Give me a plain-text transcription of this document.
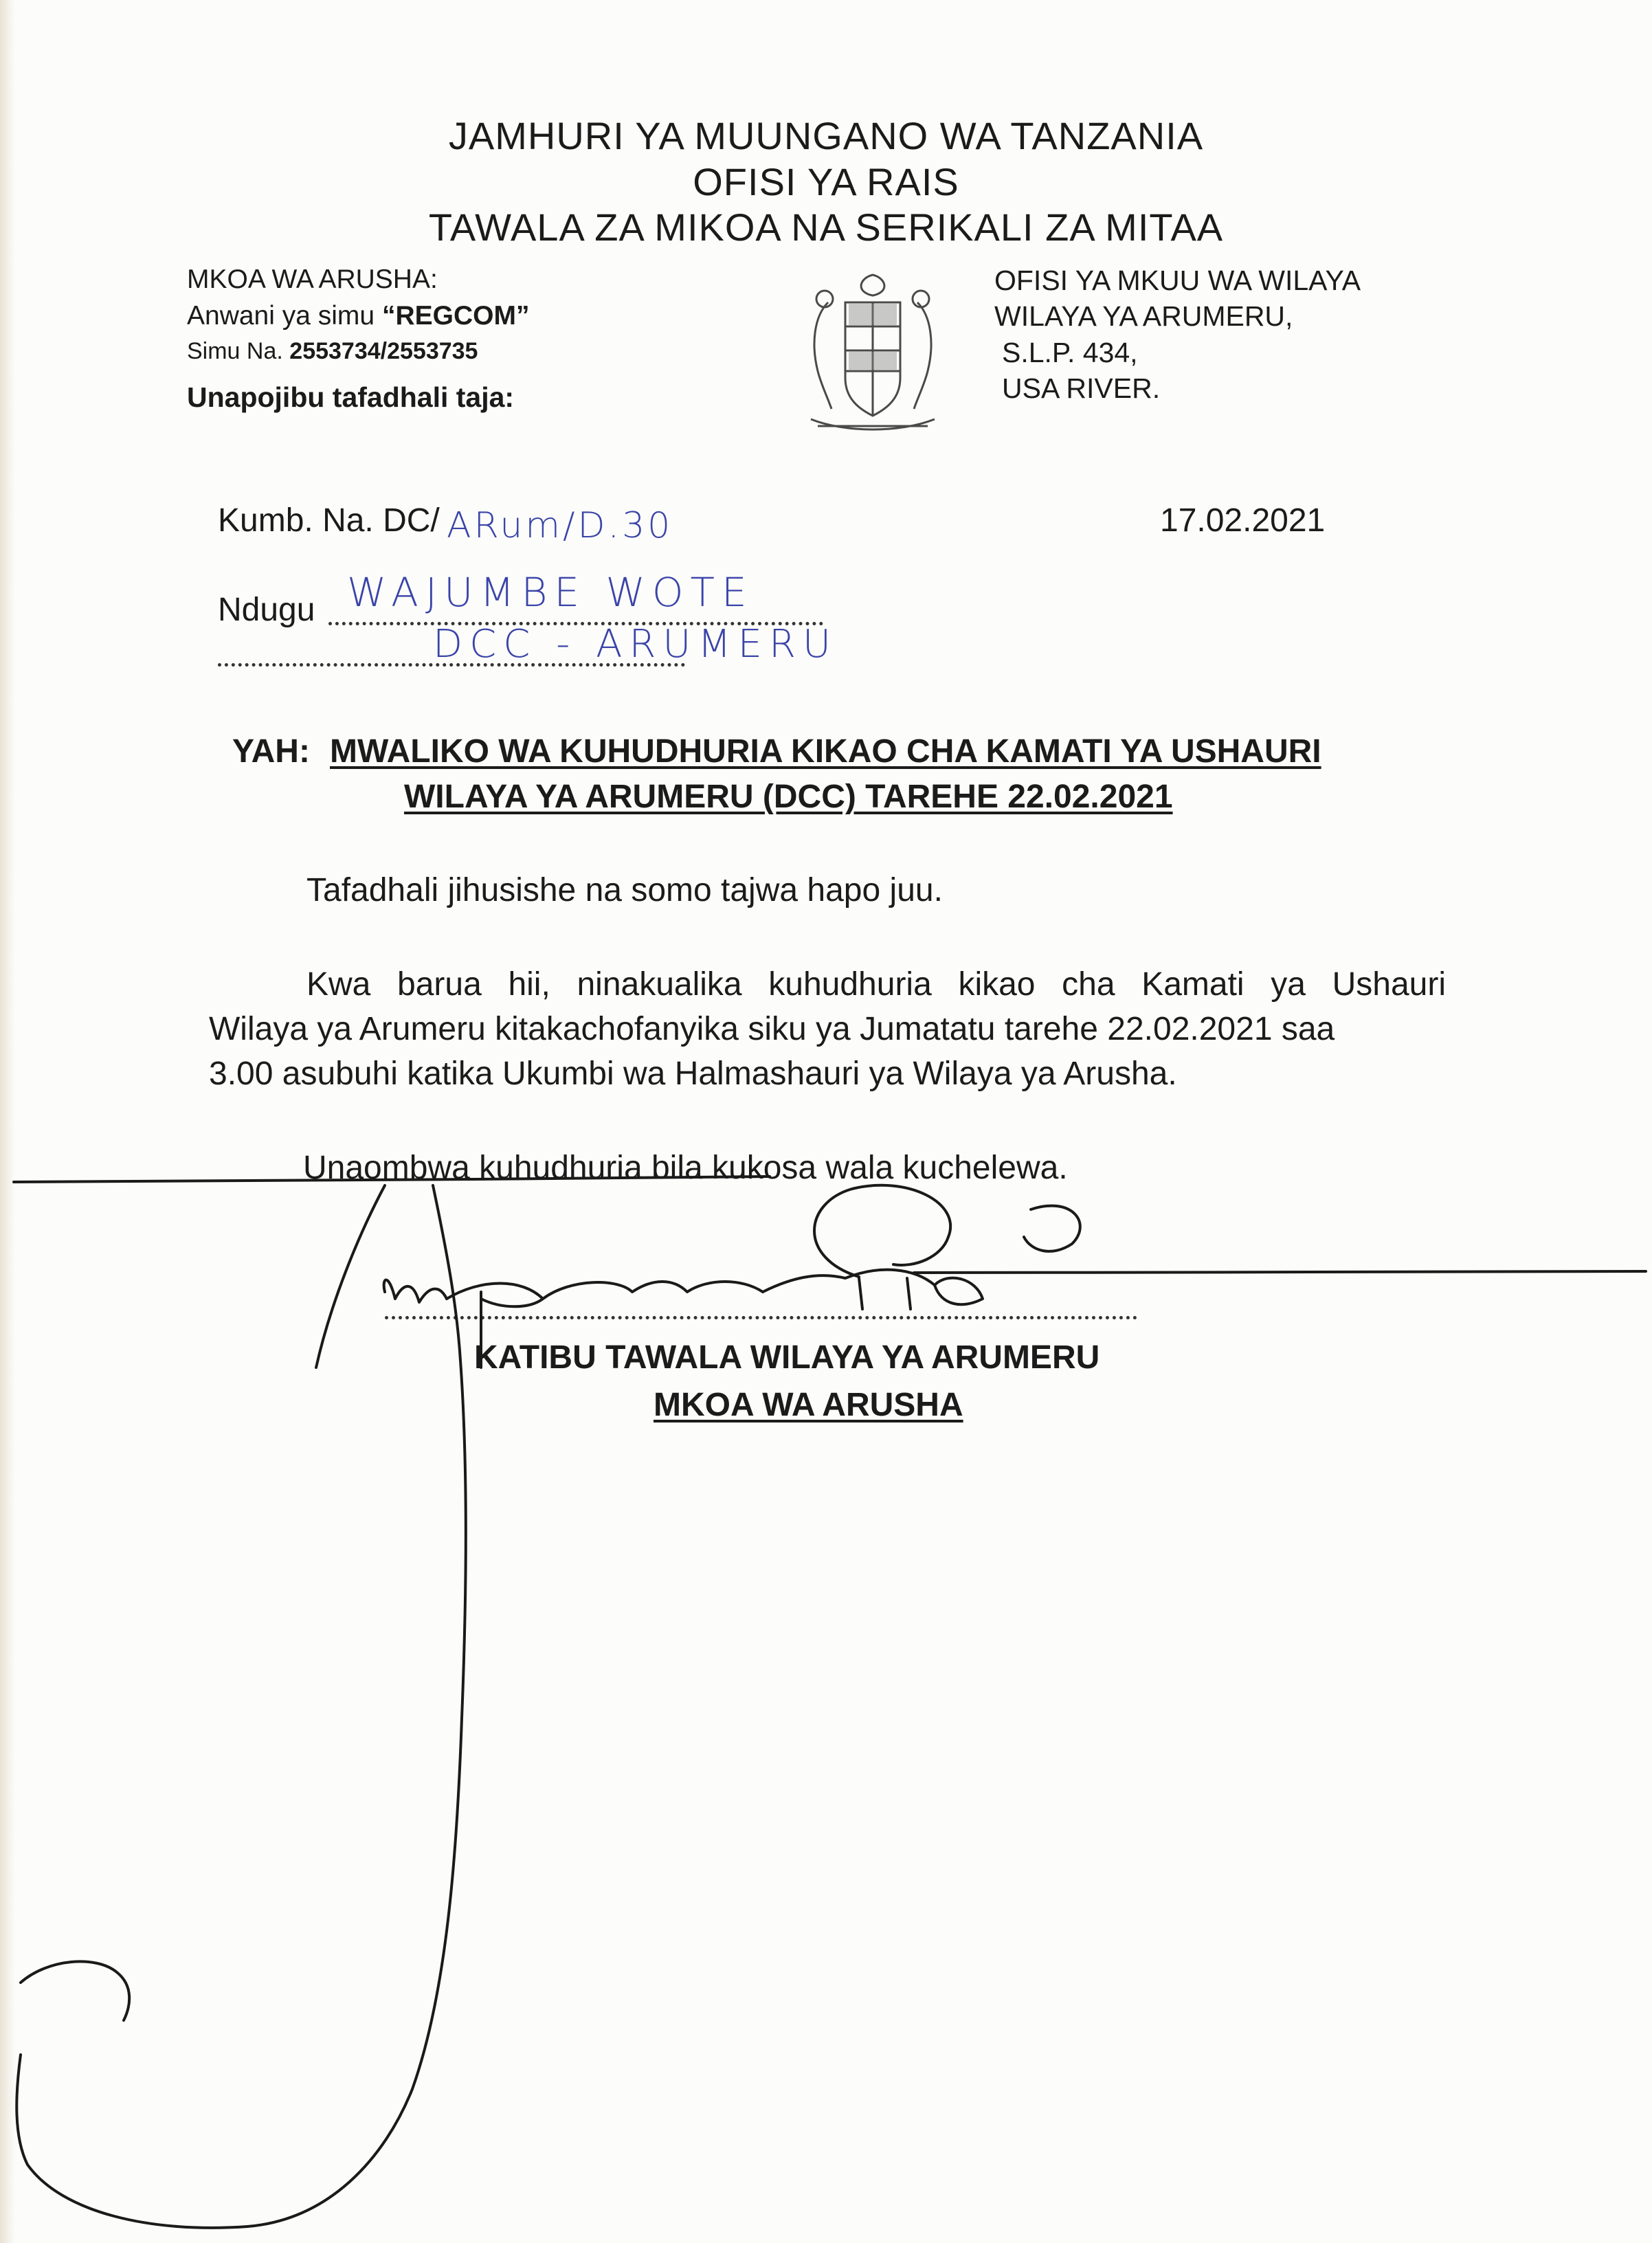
JAMHURI YA MUUNGANO WA TANZANIA
OFISI YA RAIS
TAWALA ZA MIKOA NA SERIKALI ZA MITAA
MKOA WA ARUSHA:
Anwani ya simu “REGCOM”
Simu Na. 2553734/2553735
Unapojibu tafadhali taja:
OFISI YA MKUU WA WILAYA
WILAYA YA ARUMERU,
S.L.P. 434,
USA RIVER.
Kumb. Na. DC/ ARum/D.30	17.02.2021
Ndugu WAJUMBE WOTE
DCC - ARUMERU
YAH: MWALIKO WA KUHUDHURIA KIKAO CHA KAMATI YA USHAURI
WILAYA YA ARUMERU (DCC) TAREHE 22.02.2021
Tafadhali jihusishe na somo tajwa hapo juu.
Kwa barua hii, ninakualika kuhudhuria kikao cha Kamati ya Ushauri
Wilaya ya Arumeru kitakachofanyika siku ya Jumatatu tarehe 22.02.2021 saa
3.00 asubuhi katika Ukumbi wa Halmashauri ya Wilaya ya Arusha.
Unaombwa kuhudhuria bila kukosa wala kuchelewa.
KATIBU TAWALA WILAYA YA ARUMERU
MKOA WA ARUSHA
